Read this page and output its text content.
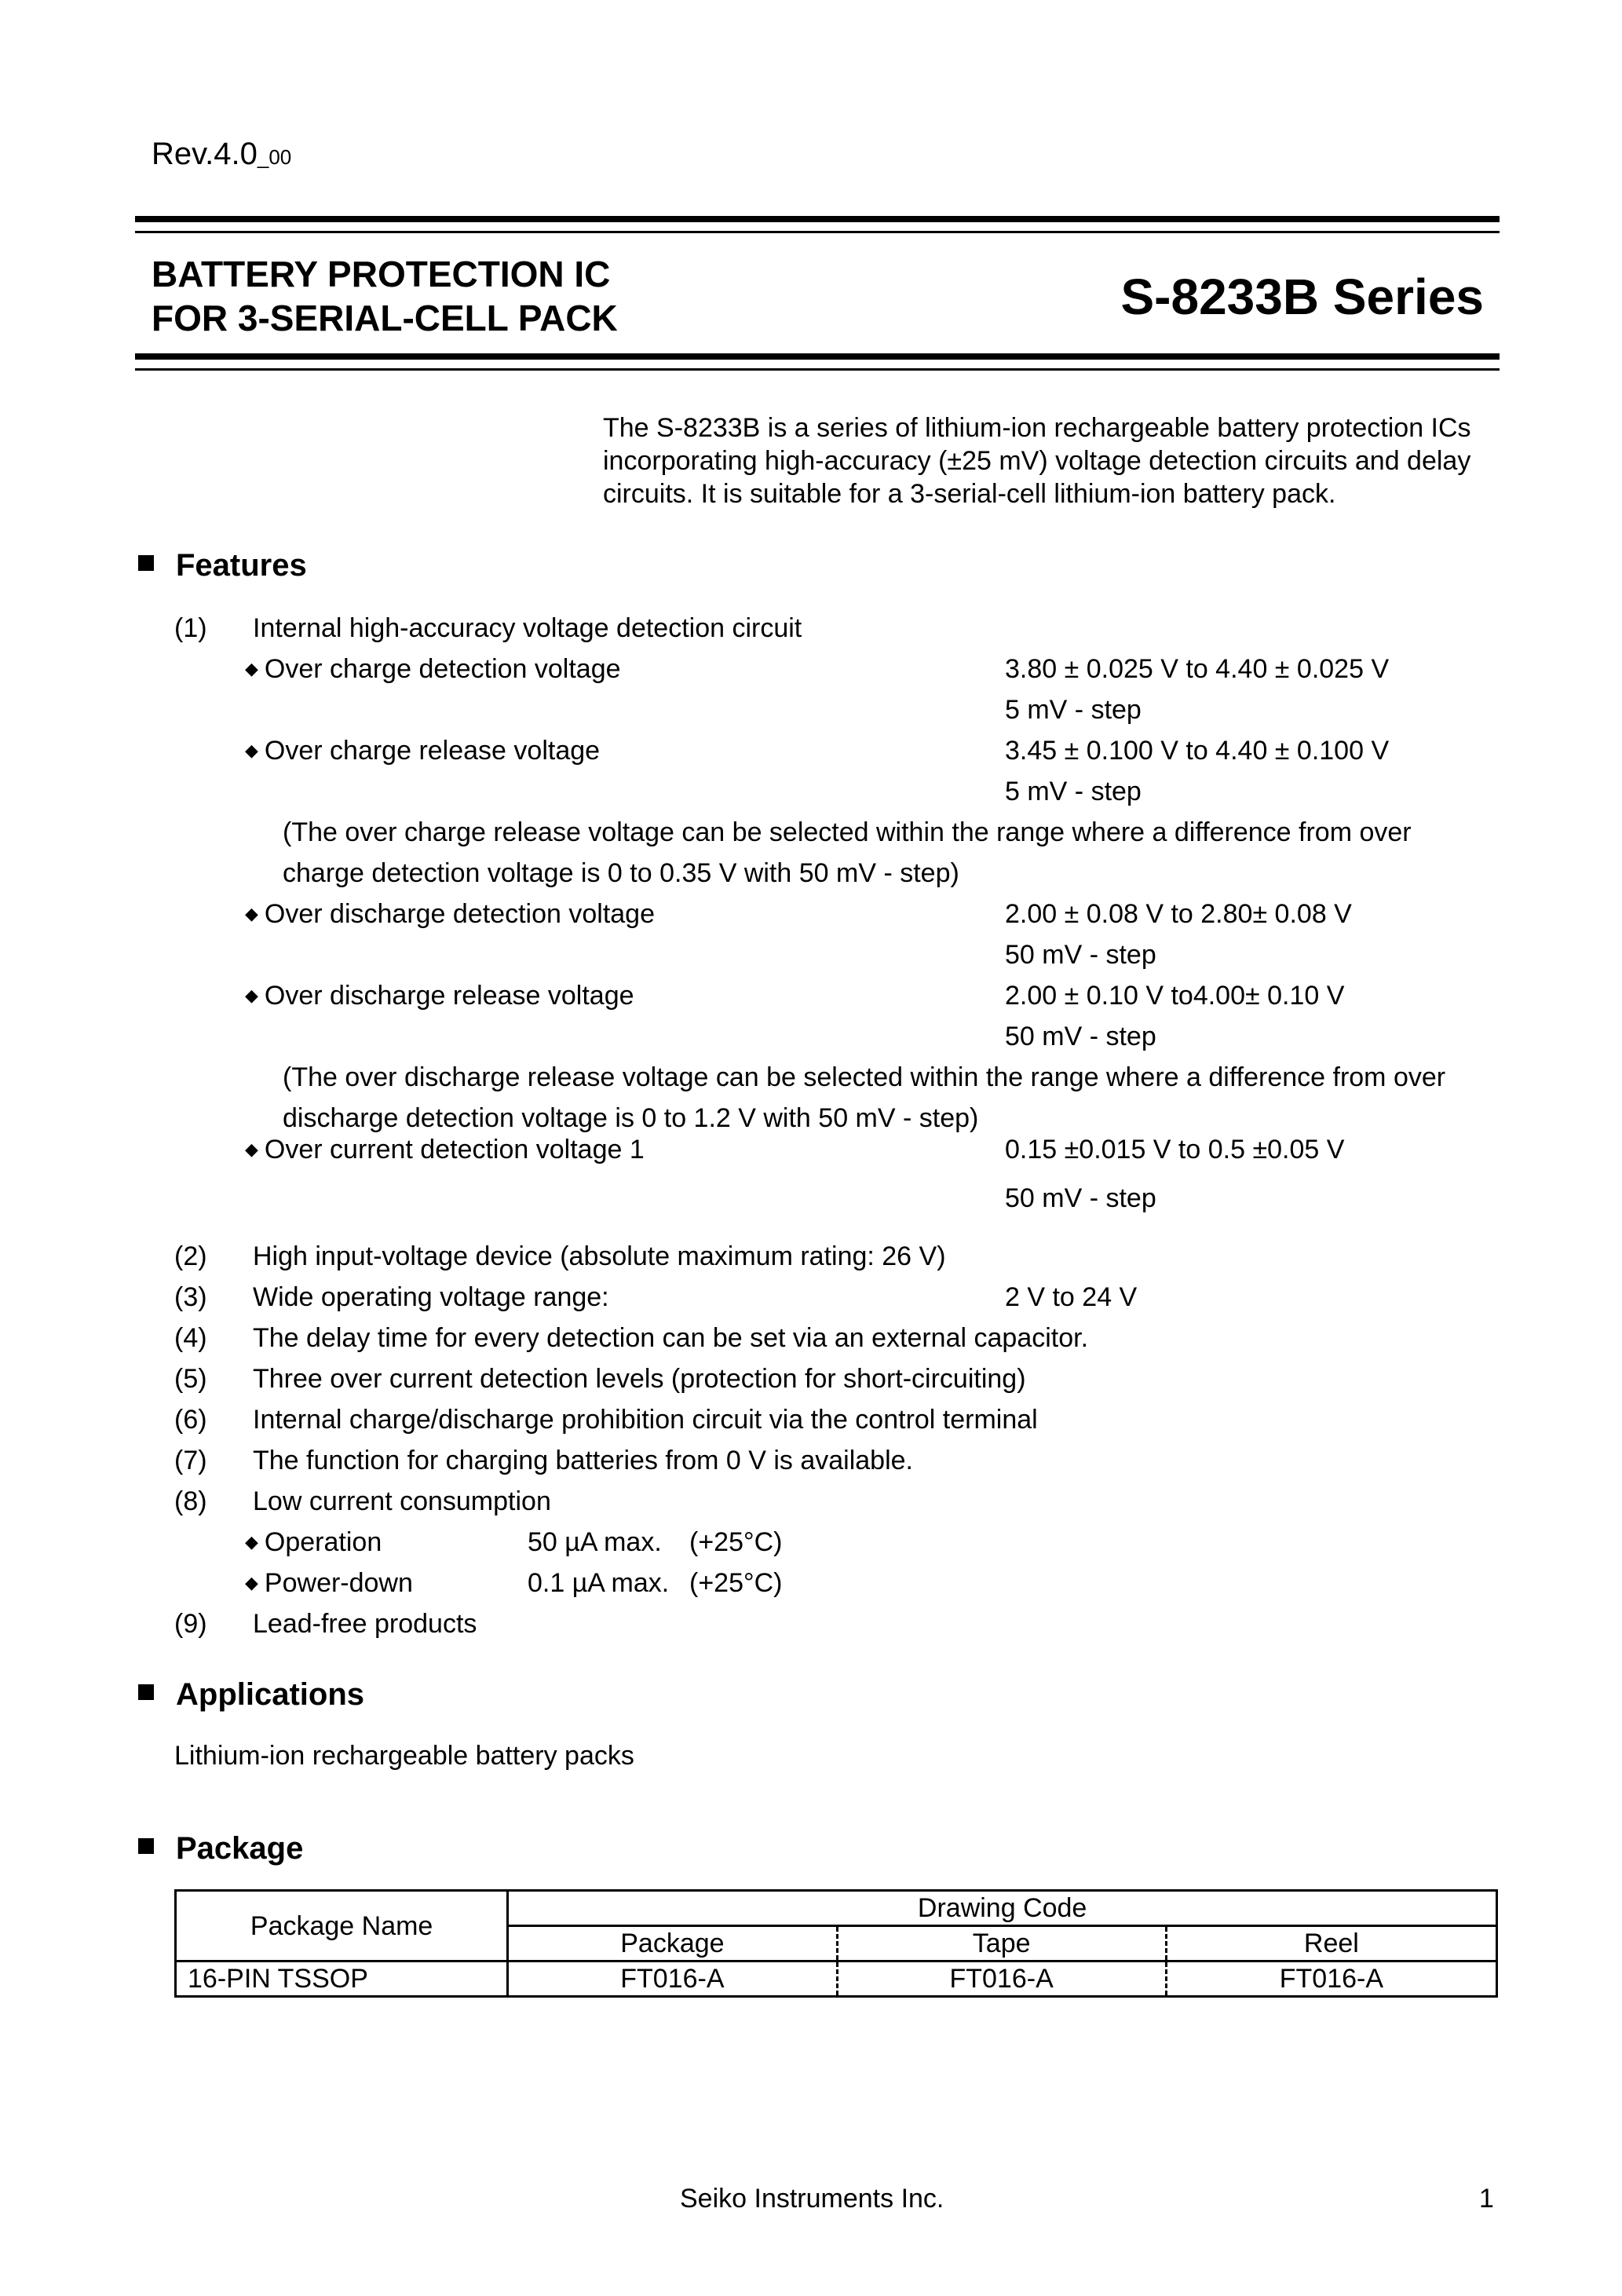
Rev.4.0_00
BATTERY PROTECTION IC
FOR 3-SERIAL-CELL PACK	S-8233B Series

The S-8233B is a series of lithium-ion rechargeable battery protection ICs

incorporating high-accuracy (±25 mV) voltage detection circuits and delay

circuits. It is suitable for a 3-serial-cell lithium-ion battery pack.

Features
(1) Internal high-accuracy voltage detection circuit
◆ Over charge detection voltage	3.80 ± 0.025 V to 4.40 ± 0.025 V
5 mV - step
◆ Over charge release voltage	3.45 ± 0.100 V to 4.40 ± 0.100 V
5 mV - step
(The over charge release voltage can be selected within the range where a difference from over
charge detection voltage is 0 to 0.35 V with 50 mV - step)
◆ Over discharge detection voltage	2.00 ± 0.08 V to 2.80± 0.08 V
50 mV - step
◆ Over discharge release voltage	2.00 ± 0.10 V to4.00± 0.10 V
50 mV - step
(The over discharge release voltage can be selected within the range where a difference from over
discharge detection voltage is 0 to 1.2 V with 50 mV - step)
◆ Over current detection voltage 1	0.15 ±0.015 V to 0.5 ±0.05 V
50 mV - step
(2) High input-voltage device (absolute maximum rating: 26 V)
(3) Wide operating voltage range:	2 V to 24 V
(4) The delay time for every detection can be set via an external capacitor.
(5) Three over current detection levels (protection for short-circuiting)
(6) Internal charge/discharge prohibition circuit via the control terminal
(7) The function for charging batteries from 0 V is available.
(8) Low current consumption
◆ Operation	50 µA max. (+25°C)
◆ Power-down	0.1 µA max. (+25°C)
(9) Lead-free products
Applications
Lithium-ion rechargeable battery packs
Package
Package Name	Drawing Code		
	Package	Tape	Reel
16-PIN TSSOP	FT016-A	FT016-A	FT016-A
Seiko Instruments Inc.	1
